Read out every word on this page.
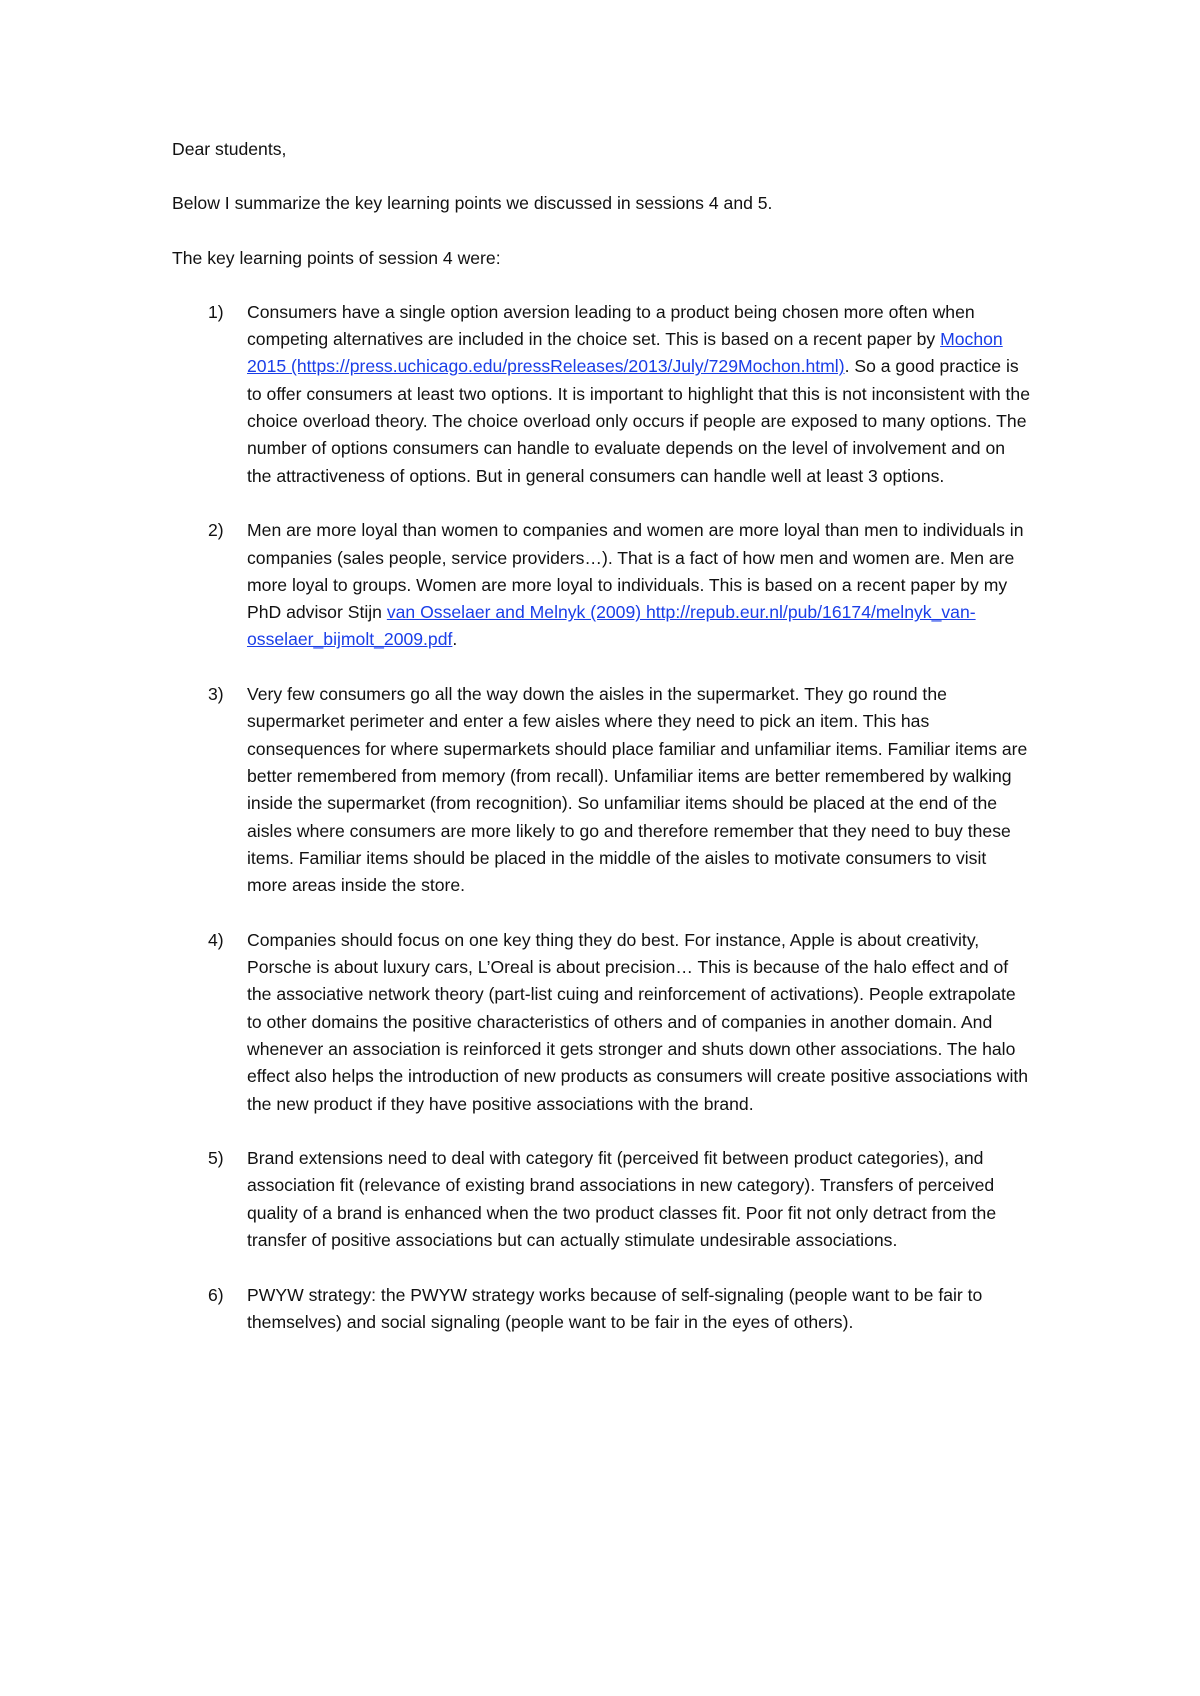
Dear students,

Below I summarize the key learning points we discussed in sessions 4 and 5.

The key learning points of session 4 were:

1) Consumers have a single option aversion leading to a product being chosen more often when competing alternatives are included in the choice set. This is based on a recent paper by Mochon 2015 (https://press.uchicago.edu/pressReleases/2013/July/729Mochon.html). So a good practice is to offer consumers at least two options. It is important to highlight that this is not inconsistent with the choice overload theory. The choice overload only occurs if people are exposed to many options. The number of options consumers can handle to evaluate depends on the level of involvement and on the attractiveness of options. But in general consumers can handle well at least 3 options.
2) Men are more loyal than women to companies and women are more loyal than men to individuals in companies (sales people, service providers…). That is a fact of how men and women are. Men are more loyal to groups. Women are more loyal to individuals. This is based on a recent paper by my PhD advisor Stijn van Osselaer and Melnyk (2009) http://repub.eur.nl/pub/16174/melnyk_van-osselaer_bijmolt_2009.pdf.
3) Very few consumers go all the way down the aisles in the supermarket. They go round the supermarket perimeter and enter a few aisles where they need to pick an item. This has consequences for where supermarkets should place familiar and unfamiliar items. Familiar items are better remembered from memory (from recall). Unfamiliar items are better remembered by walking inside the supermarket (from recognition). So unfamiliar items should be placed at the end of the aisles where consumers are more likely to go and therefore remember that they need to buy these items. Familiar items should be placed in the middle of the aisles to motivate consumers to visit more areas inside the store.
4) Companies should focus on one key thing they do best. For instance, Apple is about creativity, Porsche is about luxury cars, L’Oreal is about precision… This is because of the halo effect and of the associative network theory (part-list cuing and reinforcement of activations). People extrapolate to other domains the positive characteristics of others and of companies in another domain. And whenever an association is reinforced it gets stronger and shuts down other associations. The halo effect also helps the introduction of new products as consumers will create positive associations with the new product if they have positive associations with the brand.
5) Brand extensions need to deal with category fit (perceived fit between product categories), and association fit (relevance of existing brand associations in new category). Transfers of perceived quality of a brand is enhanced when the two product classes fit. Poor fit not only detract from the transfer of positive associations but can actually stimulate undesirable associations.
6) PWYW strategy: the PWYW strategy works because of self-signaling (people want to be fair to themselves) and social signaling (people want to be fair in the eyes of others).
